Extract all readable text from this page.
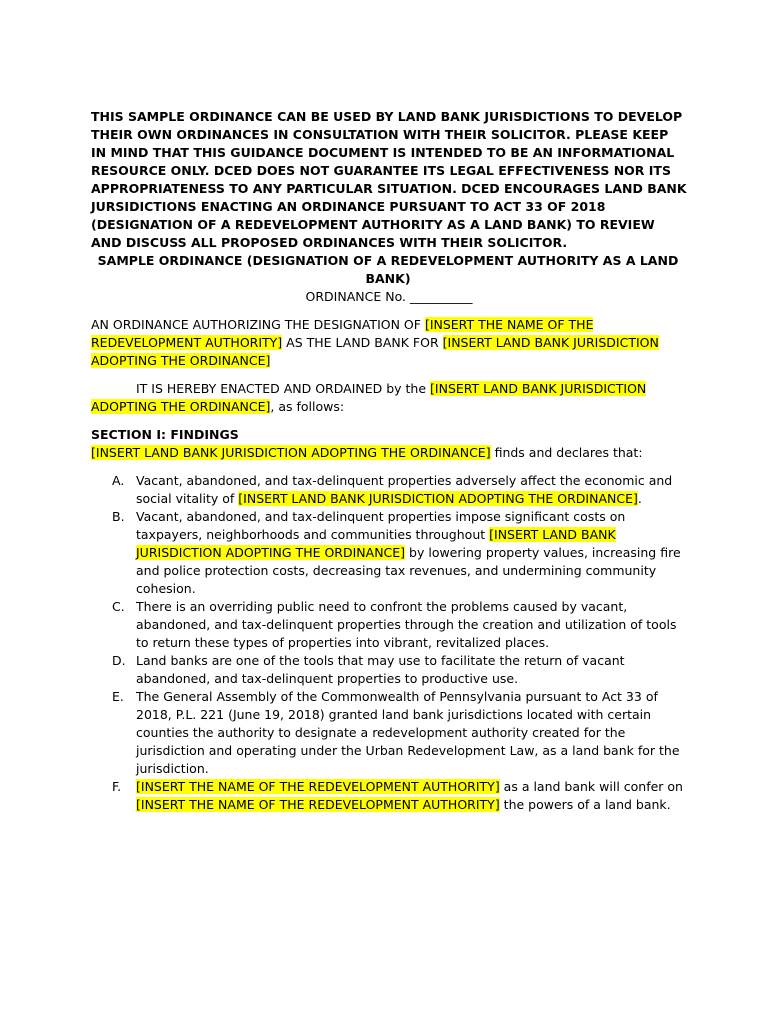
THIS SAMPLE ORDINANCE CAN BE USED BY LAND BANK JURISDICTIONS TO DEVELOP THEIR OWN ORDINANCES IN CONSULTATION WITH THEIR SOLICITOR. PLEASE KEEP IN MIND THAT THIS GUIDANCE DOCUMENT IS INTENDED TO BE AN INFORMATIONAL RESOURCE ONLY. DCED DOES NOT GUARANTEE ITS LEGAL EFFECTIVENESS NOR ITS APPROPRIATENESS TO ANY PARTICULAR SITUATION. DCED ENCOURAGES LAND BANK JURSIDICTIONS ENACTING AN ORDINANCE PURSUANT TO ACT 33 OF 2018 (DESIGNATION OF A REDEVELOPMENT AUTHORITY AS A LAND BANK) TO REVIEW AND DISCUSS ALL PROPOSED ORDINANCES WITH THEIR SOLICITOR.

SAMPLE ORDINANCE (DESIGNATION OF A REDEVELOPMENT AUTHORITY AS A LAND BANK)

ORDINANCE No. __________

AN ORDINANCE AUTHORIZING THE DESIGNATION OF [INSERT THE NAME OF THE REDEVELOPMENT AUTHORITY] AS THE LAND BANK FOR [INSERT LAND BANK JURISDICTION ADOPTING THE ORDINANCE]

IT IS HEREBY ENACTED AND ORDAINED by the [INSERT LAND BANK JURISDICTION ADOPTING THE ORDINANCE], as follows:

SECTION I: FINDINGS

[INSERT LAND BANK JURISDICTION ADOPTING THE ORDINANCE] finds and declares that:

A. Vacant, abandoned, and tax-delinquent properties adversely affect the economic and social vitality of [INSERT LAND BANK JURISDICTION ADOPTING THE ORDINANCE].
B. Vacant, abandoned, and tax-delinquent properties impose significant costs on taxpayers, neighborhoods and communities throughout [INSERT LAND BANK JURISDICTION ADOPTING THE ORDINANCE] by lowering property values, increasing fire and police protection costs, decreasing tax revenues, and undermining community cohesion.
C. There is an overriding public need to confront the problems caused by vacant, abandoned, and tax-delinquent properties through the creation and utilization of tools to return these types of properties into vibrant, revitalized places.
D. Land banks are one of the tools that may use to facilitate the return of vacant abandoned, and tax-delinquent properties to productive use.
E. The General Assembly of the Commonwealth of Pennsylvania pursuant to Act 33 of 2018, P.L. 221 (June 19, 2018) granted land bank jurisdictions located with certain counties the authority to designate a redevelopment authority created for the jurisdiction and operating under the Urban Redevelopment Law, as a land bank for the jurisdiction.
F. [INSERT THE NAME OF THE REDEVELOPMENT AUTHORITY] as a land bank will confer on [INSERT THE NAME OF THE REDEVELOPMENT AUTHORITY] the powers of a land bank.
